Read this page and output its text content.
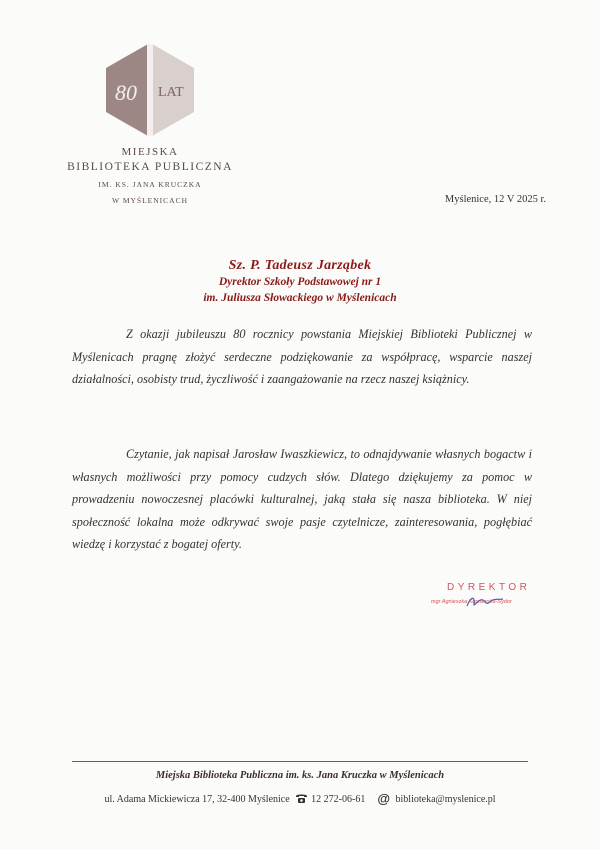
80 LAT
MIEJSKA
BIBLIOTEKA PUBLICZNA
IM. KS. JANA KRUCZKA
W MYŚLENICACH	Myślenice, 12 V 2025 r.
Sz. P. Tadeusz Jarząbek
Dyrektor Szkoły Podstawowej nr 1
im. Juliusza Słowackiego w Myślenicach
Z okazji jubileuszu 80 rocznicy powstania Miejskiej Biblioteki Publicznej w Myślenicach pragnę złożyć serdeczne podziękowanie za współpracę, wsparcie naszej działalności, osobisty trud, życzliwość i zaangażowanie na rzecz naszej książnicy.
Czytanie, jak napisał Jarosław Iwaszkiewicz, to odnajdywanie własnych bogactw i własnych możliwości przy pomocy cudzych słów. Dlatego dziękujemy za pomoc w prowadzeniu nowoczesnej placówki kulturalnej, jaką stała się nasza biblioteka. W niej społeczność lokalna może odkrywać swoje pasje czytelnicze, zainteresowania, pogłębiać wiedzę i korzystać z bogatej oferty.
DYREKTOR
mgr Agnieszka Kurzawska-Sydor
Miejska Biblioteka Publiczna im. ks. Jana Kruczka w Myślenicach
ul. Adama Mickiewicza 17, 32-400 Myślenice 12 272-06-61 @ biblioteka@myslenice.pl
